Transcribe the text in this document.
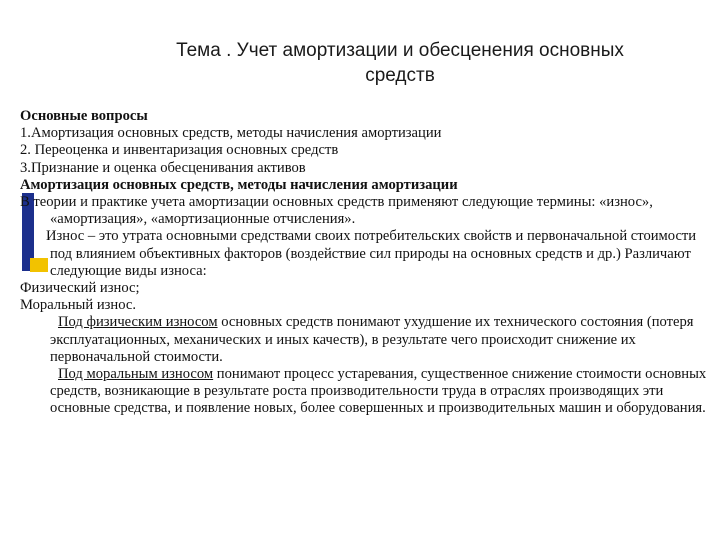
Тема . Учет амортизации и обесценения основных
средств

Основные вопросы

1.Амортизация основных средств, методы начисления амортизации

2. Переоценка и инвентаризация основных средств

3.Признание и оценка обесценивания активов

Амортизация основных средств, методы начисления амортизации

В теории и практике учета амортизации основных средств применяют следующие термины: «износ», «амортизация», «амортизационные отчисления».

Износ – это утрата основными средствами своих потребительских свойств и первоначальной стоимости под влиянием объективных факторов (воздействие сил природы на основных средств и др.) Различают следующие виды износа:

Физический износ;

Моральный износ.

Под физическим износом основных средств понимают ухудшение их технического состояния (потеря эксплуатационных, механических и иных качеств), в результате чего происходит снижение их первоначальной стоимости.

Под моральным износом понимают процесс устаревания, существенное снижение стоимости основных средств, возникающие в результате роста производительности труда в отраслях производящих эти основные средства, и появление новых, более совершенных и производительных машин и оборудования.
